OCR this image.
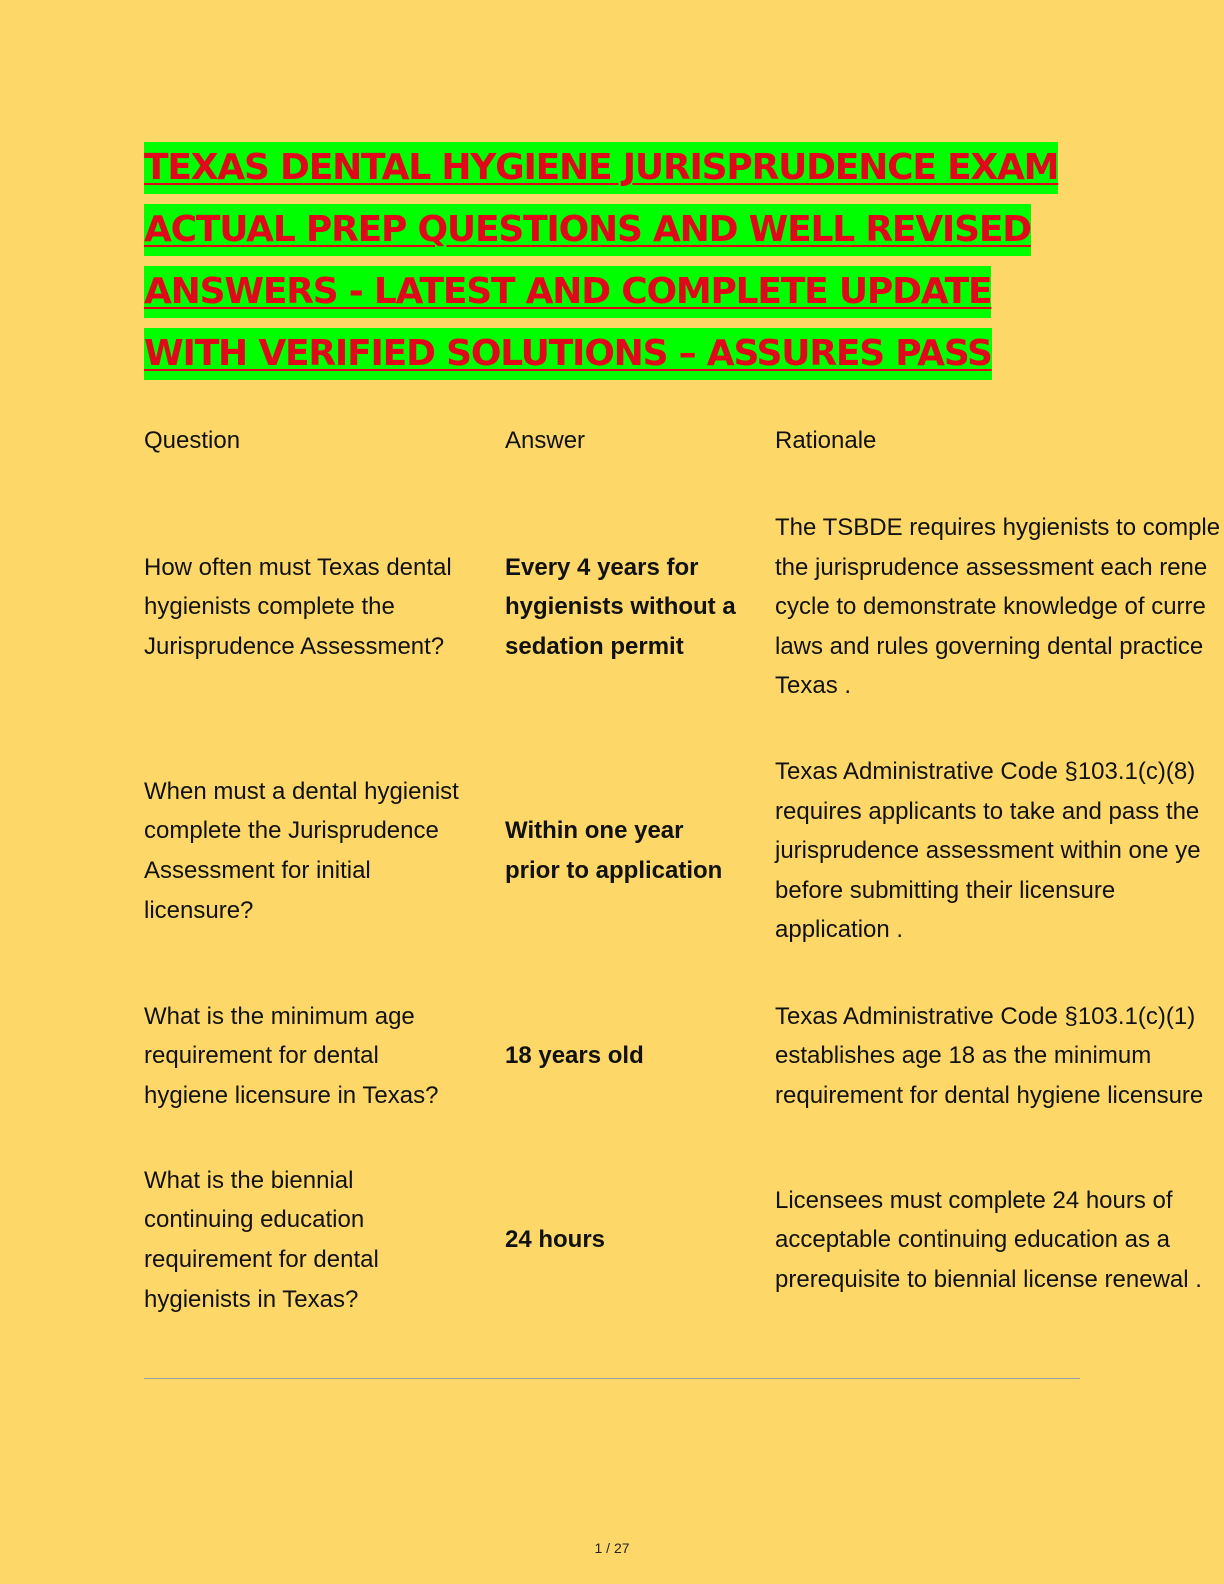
TEXAS DENTAL HYGIENE JURISPRUDENCE EXAM
ACTUAL PREP QUESTIONS AND WELL REVISED
ANSWERS - LATEST AND COMPLETE UPDATE
WITH VERIFIED SOLUTIONS – ASSURES PASS
Question	Answer	Rationale
How often must Texas dental hygienists complete the Jurisprudence Assessment?
Every 4 years for hygienists without a sedation permit
The TSBDE requires hygienists to comple
the jurisprudence assessment each rene
cycle to demonstrate knowledge of curre
laws and rules governing dental practice
Texas .
When must a dental hygienist complete the Jurisprudence Assessment for initial licensure?
Within one year prior to application
Texas Administrative Code §103.1(c)(8)
requires applicants to take and pass the
jurisprudence assessment within one ye
before submitting their licensure
application .
What is the minimum age requirement for dental hygiene licensure in Texas?
18 years old
Texas Administrative Code §103.1(c)(1)
establishes age 18 as the minimum
requirement for dental hygiene licensure
What is the biennial continuing education requirement for dental hygienists in Texas?
24 hours
Licensees must complete 24 hours of
acceptable continuing education as a
prerequisite to biennial license renewal .
1 / 27
